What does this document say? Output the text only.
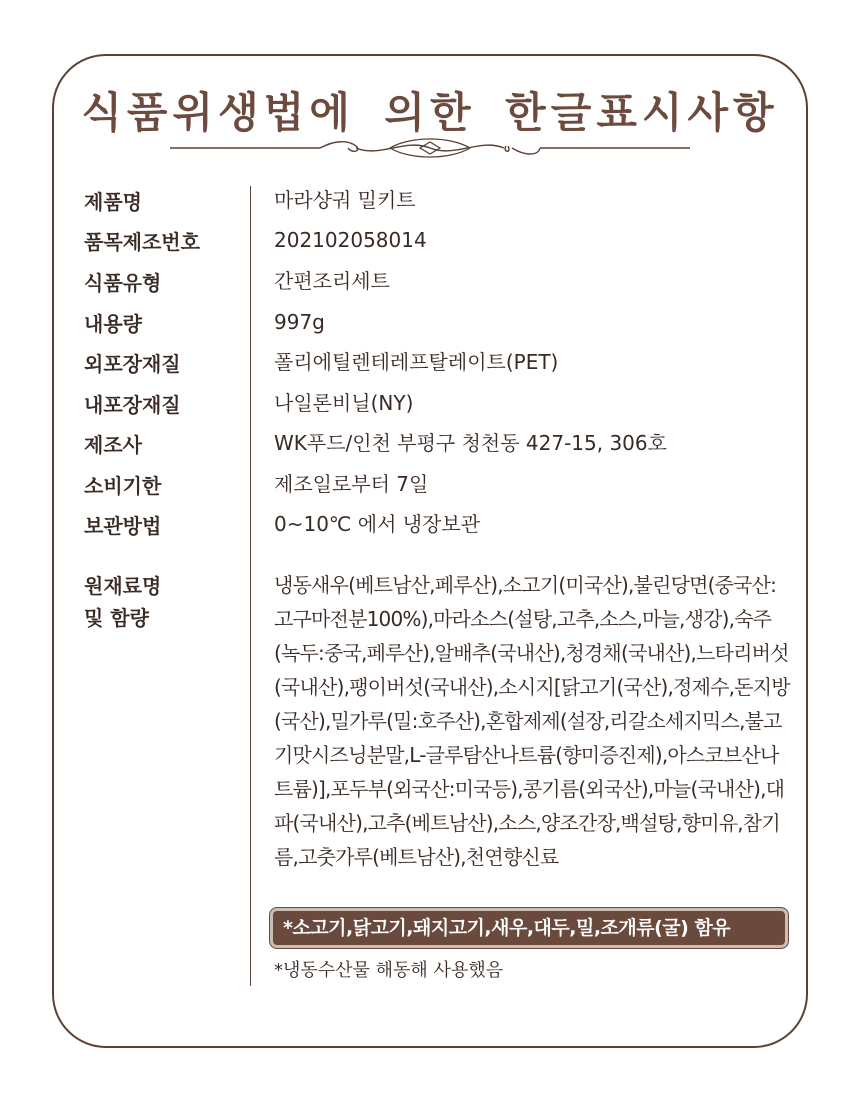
식품위생법에 의한 한글표시사항
제품명	마라샹궈 밀키트
품목제조번호	202102058014
식품유형	간편조리세트
내용량	997g
외포장재질	폴리에틸렌테레프탈레이트(PET)
내포장재질	나일론비닐(NY)
제조사	WK푸드/인천 부평구 청천동 427-15, 306호
소비기한	제조일로부터 7일
보관방법	0~10℃ 에서 냉장보관
원재료명
및 함량
냉동새우(베트남산,페루산),소고기(미국산),불린당면(중국산:고구마전분100%),마라소스(설탕,고추,소스,마늘,생강),숙주(녹두:중국,페루산),알배추(국내산),청경채(국내산),느타리버섯(국내산),팽이버섯(국내산),소시지[닭고기(국산),정제수,돈지방(국산),밀가루(밀:호주산),혼합제제(설장,리갈소세지믹스,불고기맛시즈닝분말,L-글루탐산나트륨(향미증진제),아스코브산나트륨)],포두부(외국산:미국등),콩기름(외국산),마늘(국내산),대파(국내산),고추(베트남산),소스,양조간장,백설탕,향미유,참기름,고춧가루(베트남산),천연향신료
*소고기,닭고기,돼지고기,새우,대두,밀,조개류(굴) 함유
*냉동수산물 해동해 사용했음
